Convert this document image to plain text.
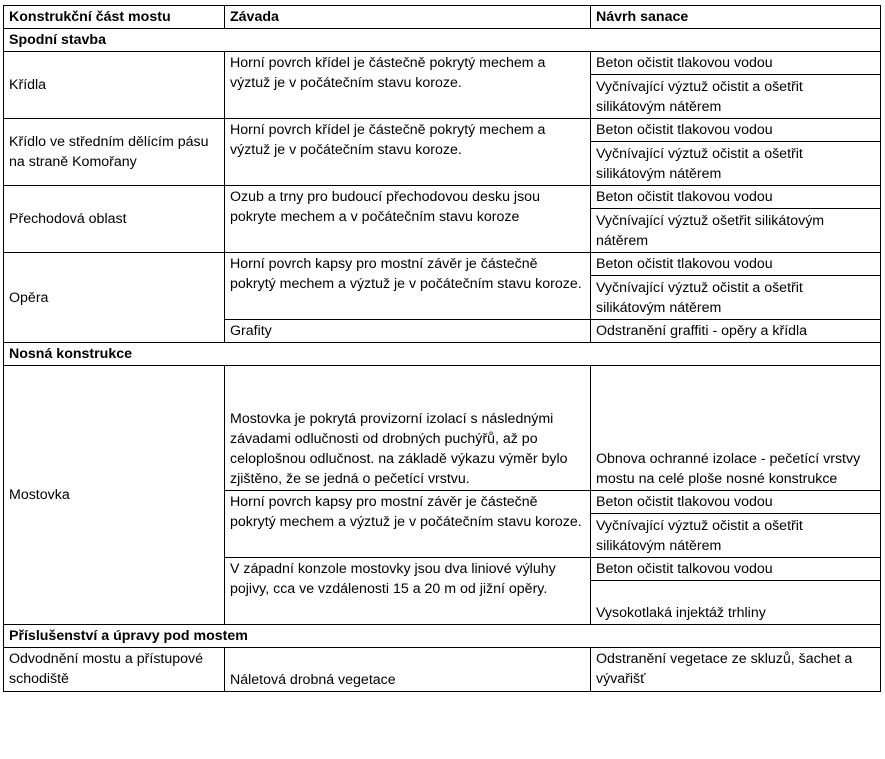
Konstrukční část mostu	Závada	Návrh sanace
Spodní stavba		
Křídla	Horní povrch křídel je částečně pokrytý mechem a výztuž je v počátečním stavu koroze.	Beton očistit tlakovou vodou
		Vyčnívající výztuž očistit a ošetřit silikátovým nátěrem
Křídlo ve středním dělícím pásu na straně Komořany	Horní povrch křídel je částečně pokrytý mechem a výztuž je v počátečním stavu koroze.	Beton očistit tlakovou vodou
		Vyčnívající výztuž očistit a ošetřit silikátovým nátěrem
Přechodová oblast	Ozub a trny pro budoucí přechodovou desku jsou pokryte mechem a v počátečním stavu koroze	Beton očistit tlakovou vodou
		Vyčnívající výztuž ošetřit silikátovým nátěrem
Opěra	Horní povrch kapsy pro mostní závěr je částečně pokrytý mechem a výztuž je v počátečním stavu koroze.	Beton očistit tlakovou vodou
		Vyčnívající výztuž očistit a ošetřit silikátovým nátěrem
	Grafity	Odstranění graffiti - opěry a křídla
Nosná konstrukce		
Mostovka	Mostovka je pokrytá provizorní izolací s následnými závadami odlučnosti od drobných puchýřů, až po celoplošnou odlučnost. na základě výkazu výměr bylo zjištěno, že se jedná o pečetící vrstvu.	Obnova ochranné izolace - pečetící vrstvy mostu na celé ploše nosné konstrukce
	Horní povrch kapsy pro mostní závěr je částečně pokrytý mechem a výztuž je v počátečním stavu koroze.	Beton očistit tlakovou vodou
		Vyčnívající výztuž očistit a ošetřit silikátovým nátěrem
	V západní konzole mostovky jsou dva liniové výluhy pojivy, cca ve vzdálenosti 15 a 20 m od jižní opěry.	Beton očistit talkovou vodou
		Vysokotlaká injektáž trhliny
Příslušenství a úpravy pod mostem		
Odvodnění mostu a přístupové schodiště	Náletová drobná vegetace	Odstranění vegetace ze skluzů, šachet a vývařišť
